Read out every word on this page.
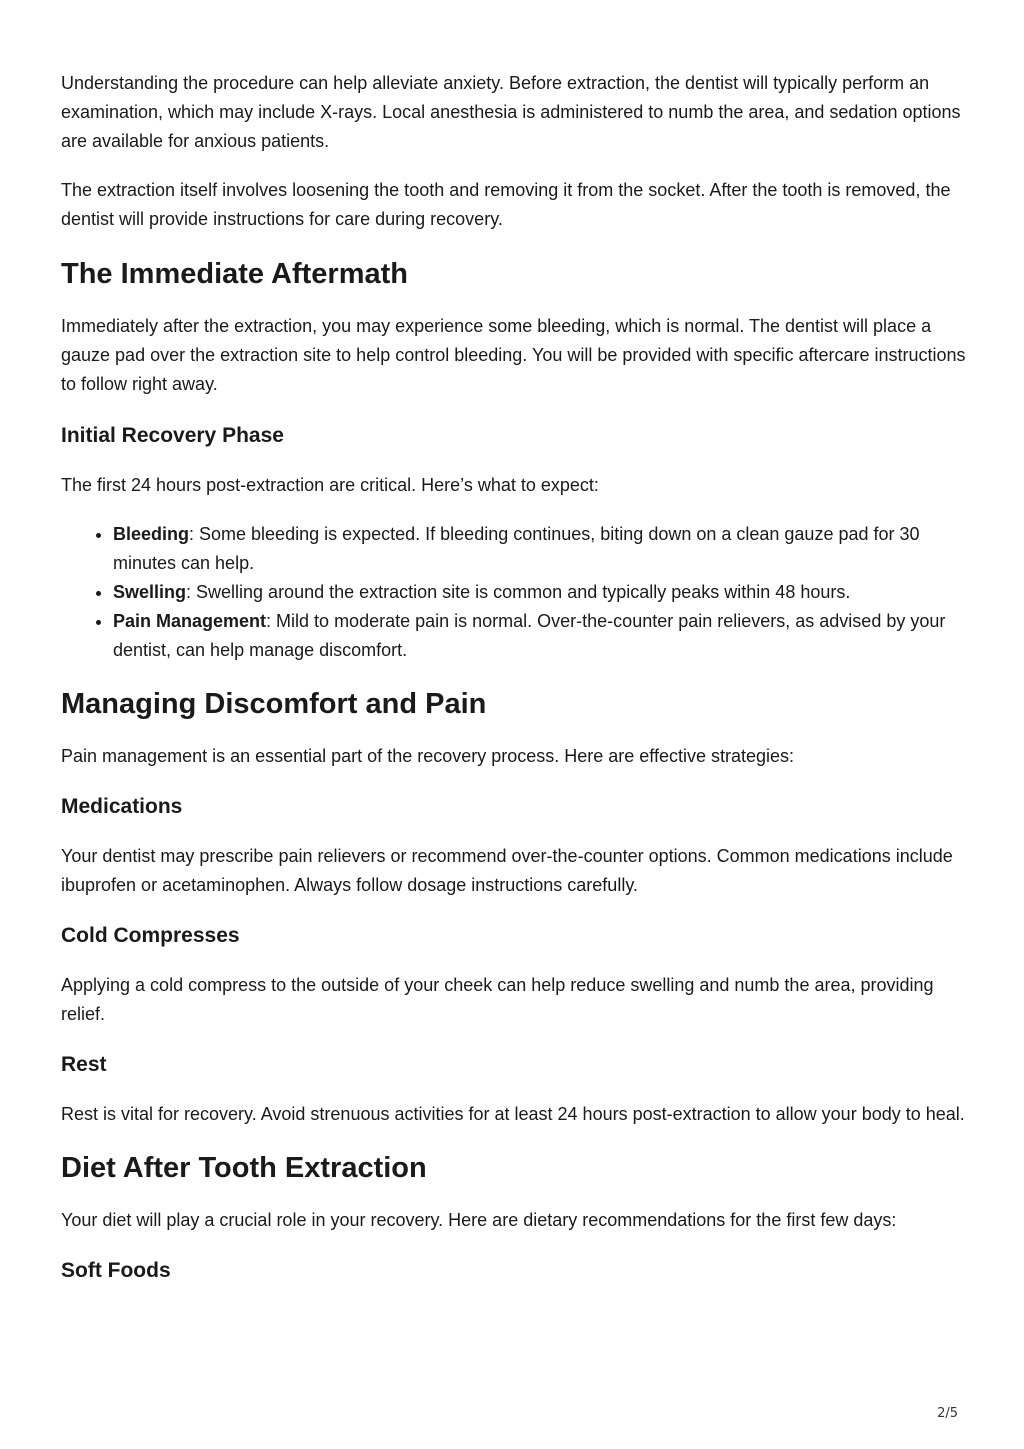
Understanding the procedure can help alleviate anxiety. Before extraction, the dentist will typically perform an examination, which may include X-rays. Local anesthesia is administered to numb the area, and sedation options are available for anxious patients.

The extraction itself involves loosening the tooth and removing it from the socket. After the tooth is removed, the dentist will provide instructions for care during recovery.

The Immediate Aftermath

Immediately after the extraction, you may experience some bleeding, which is normal. The dentist will place a gauze pad over the extraction site to help control bleeding. You will be provided with specific aftercare instructions to follow right away.

Initial Recovery Phase

The first 24 hours post-extraction are critical. Here’s what to expect:

• Bleeding: Some bleeding is expected. If bleeding continues, biting down on a clean gauze pad for 30 minutes can help.
• Swelling: Swelling around the extraction site is common and typically peaks within 48 hours.
• Pain Management: Mild to moderate pain is normal. Over-the-counter pain relievers, as advised by your dentist, can help manage discomfort.
Managing Discomfort and Pain

Pain management is an essential part of the recovery process. Here are effective strategies:

Medications

Your dentist may prescribe pain relievers or recommend over-the-counter options. Common medications include ibuprofen or acetaminophen. Always follow dosage instructions carefully.

Cold Compresses

Applying a cold compress to the outside of your cheek can help reduce swelling and numb the area, providing relief.

Rest

Rest is vital for recovery. Avoid strenuous activities for at least 24 hours post-extraction to allow your body to heal.

Diet After Tooth Extraction

Your diet will play a crucial role in your recovery. Here are dietary recommendations for the first few days:

Soft Foods
2/5
